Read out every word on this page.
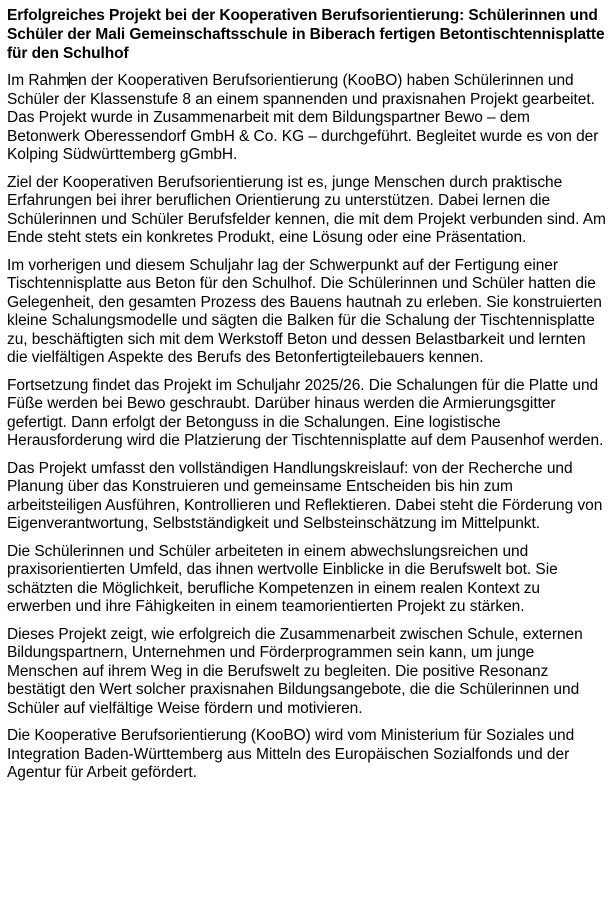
Erfolgreiches Projekt bei der Kooperativen Berufsorientierung: Schülerinnen und Schüler der Mali Gemeinschaftsschule in Biberach fertigen Betontischtennisplatte für den Schulhof

Im Rahmen der Kooperativen Berufsorientierung (KooBO) haben Schülerinnen und Schüler der Klassenstufe 8 an einem spannenden und praxisnahen Projekt gearbeitet. Das Projekt wurde in Zusammenarbeit mit dem Bildungspartner Bewo – dem Betonwerk Oberessendorf GmbH & Co. KG – durchgeführt. Begleitet wurde es von der Kolping Südwürttemberg gGmbH.

Ziel der Kooperativen Berufsorientierung ist es, junge Menschen durch praktische Erfahrungen bei ihrer beruflichen Orientierung zu unterstützen. Dabei lernen die Schülerinnen und Schüler Berufsfelder kennen, die mit dem Projekt verbunden sind. Am Ende steht stets ein konkretes Produkt, eine Lösung oder eine Präsentation.

Im vorherigen und diesem Schuljahr lag der Schwerpunkt auf der Fertigung einer Tischtennisplatte aus Beton für den Schulhof. Die Schülerinnen und Schüler hatten die Gelegenheit, den gesamten Prozess des Bauens hautnah zu erleben. Sie konstruierten kleine Schalungsmodelle und sägten die Balken für die Schalung der Tischtennisplatte zu, beschäftigten sich mit dem Werkstoff Beton und dessen Belastbarkeit und lernten die vielfältigen Aspekte des Berufs des Betonfertigteilebauers kennen.

Fortsetzung findet das Projekt im Schuljahr 2025/26. Die Schalungen für die Platte und Füße werden bei Bewo geschraubt. Darüber hinaus werden die Armierungsgitter gefertigt. Dann erfolgt der Betonguss in die Schalungen. Eine logistische Herausforderung wird die Platzierung der Tischtennisplatte auf dem Pausenhof werden.

Das Projekt umfasst den vollständigen Handlungskreislauf: von der Recherche und Planung über das Konstruieren und gemeinsame Entscheiden bis hin zum arbeitsteiligen Ausführen, Kontrollieren und Reflektieren. Dabei steht die Förderung von Eigenverantwortung, Selbstständigkeit und Selbsteinschätzung im Mittelpunkt.

Die Schülerinnen und Schüler arbeiteten in einem abwechslungsreichen und praxisorientierten Umfeld, das ihnen wertvolle Einblicke in die Berufswelt bot. Sie schätzten die Möglichkeit, berufliche Kompetenzen in einem realen Kontext zu erwerben und ihre Fähigkeiten in einem teamorientierten Projekt zu stärken.

Dieses Projekt zeigt, wie erfolgreich die Zusammenarbeit zwischen Schule, externen Bildungspartnern, Unternehmen und Förderprogrammen sein kann, um junge Menschen auf ihrem Weg in die Berufswelt zu begleiten. Die positive Resonanz bestätigt den Wert solcher praxisnahen Bildungsangebote, die die Schülerinnen und Schüler auf vielfältige Weise fördern und motivieren.

Die Kooperative Berufsorientierung (KooBO) wird vom Ministerium für Soziales und Integration Baden-Württemberg aus Mitteln des Europäischen Sozialfonds und der Agentur für Arbeit gefördert.
